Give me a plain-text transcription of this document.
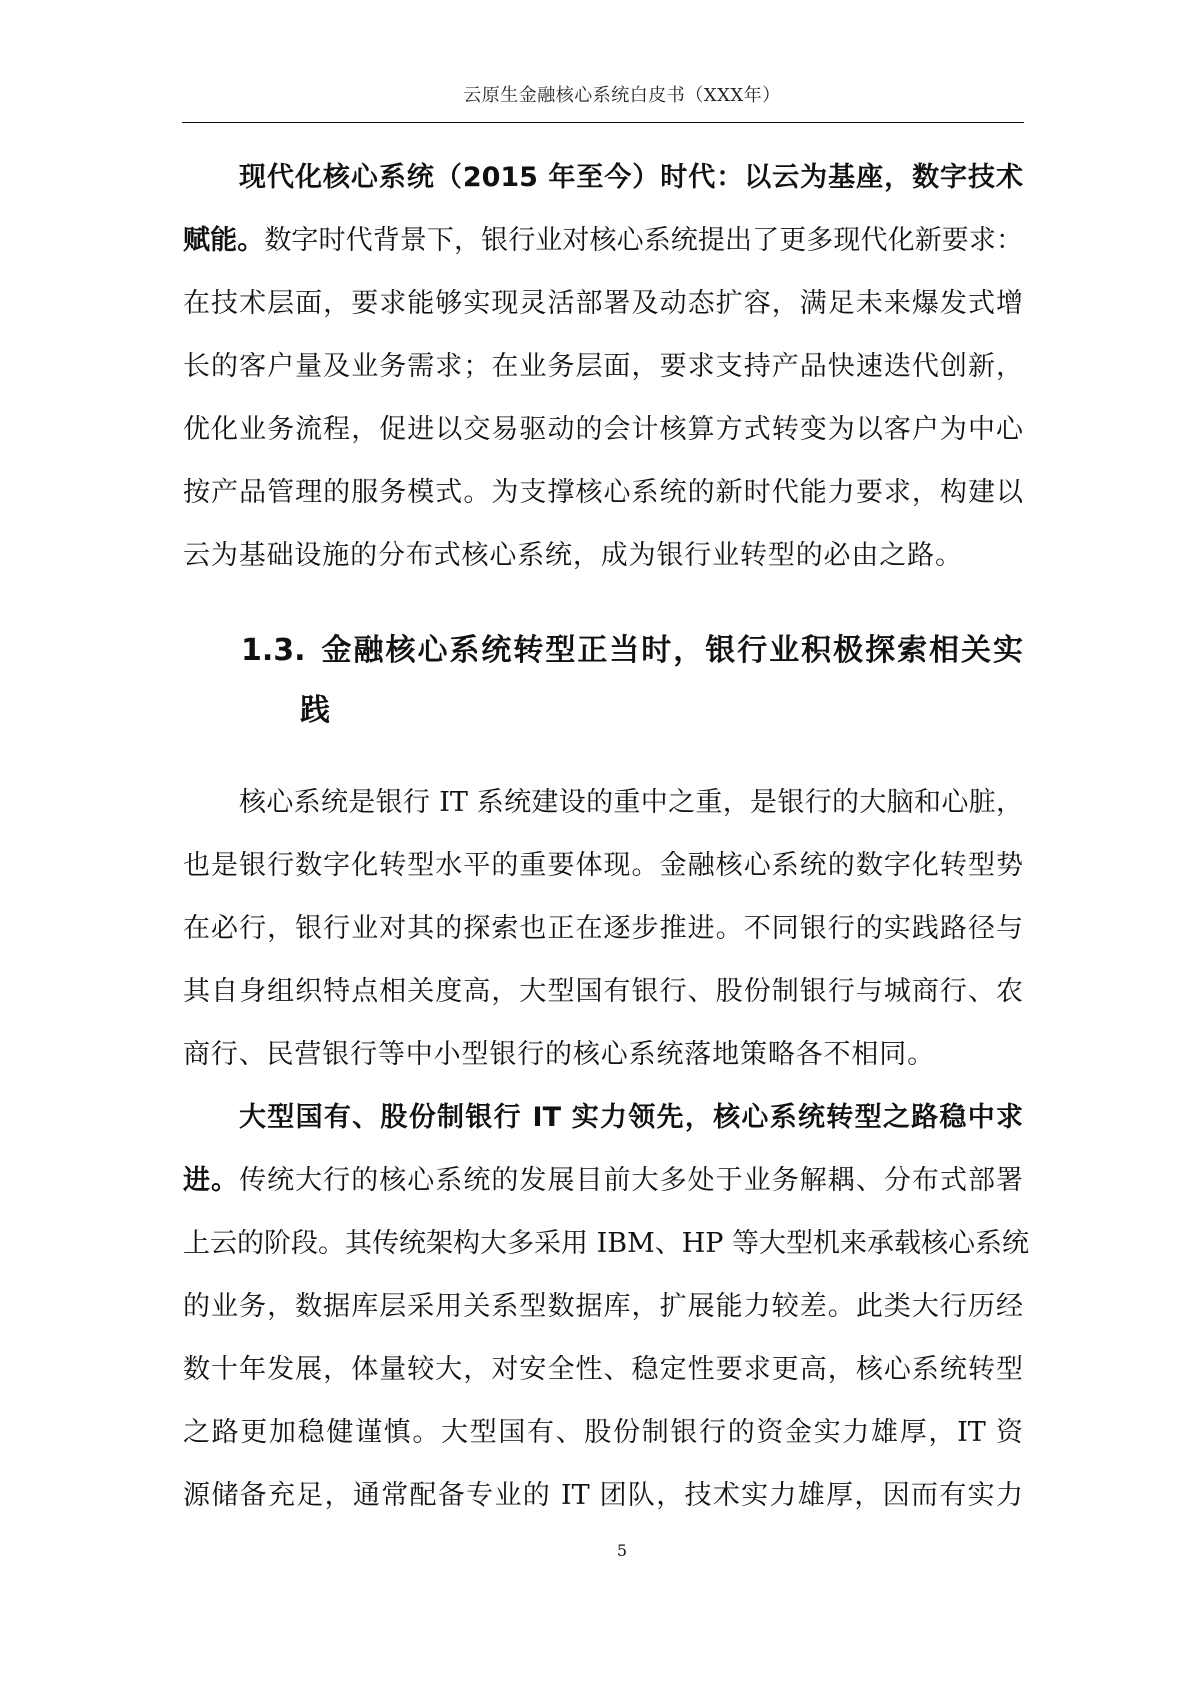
云原生金融核心系统白皮书（XXX年）
现代化核心系统（2015 年至今）时代：以云为基座，数字技术
赋能。数字时代背景下，银行业对核心系统提出了更多现代化新要求：
在技术层面，要求能够实现灵活部署及动态扩容，满足未来爆发式增
长的客户量及业务需求；在业务层面，要求支持产品快速迭代创新，
优化业务流程，促进以交易驱动的会计核算方式转变为以客户为中心
按产品管理的服务模式。为支撑核心系统的新时代能力要求，构建以
云为基础设施的分布式核心系统，成为银行业转型的必由之路。
1.3. 金融核心系统转型正当时，银行业积极探索相关实
践
核心系统是银行 IT 系统建设的重中之重，是银行的大脑和心脏，
也是银行数字化转型水平的重要体现。金融核心系统的数字化转型势
在必行，银行业对其的探索也正在逐步推进。不同银行的实践路径与
其自身组织特点相关度高，大型国有银行、股份制银行与城商行、农
商行、民营银行等中小型银行的核心系统落地策略各不相同。
大型国有、股份制银行 IT 实力领先，核心系统转型之路稳中求
进。传统大行的核心系统的发展目前大多处于业务解耦、分布式部署
上云的阶段。其传统架构大多采用 IBM、HP 等大型机来承载核心系统
的业务，数据库层采用关系型数据库，扩展能力较差。此类大行历经
数十年发展，体量较大，对安全性、稳定性要求更高，核心系统转型
之路更加稳健谨慎。大型国有、股份制银行的资金实力雄厚，IT 资
源储备充足，通常配备专业的 IT 团队，技术实力雄厚，因而有实力
5
